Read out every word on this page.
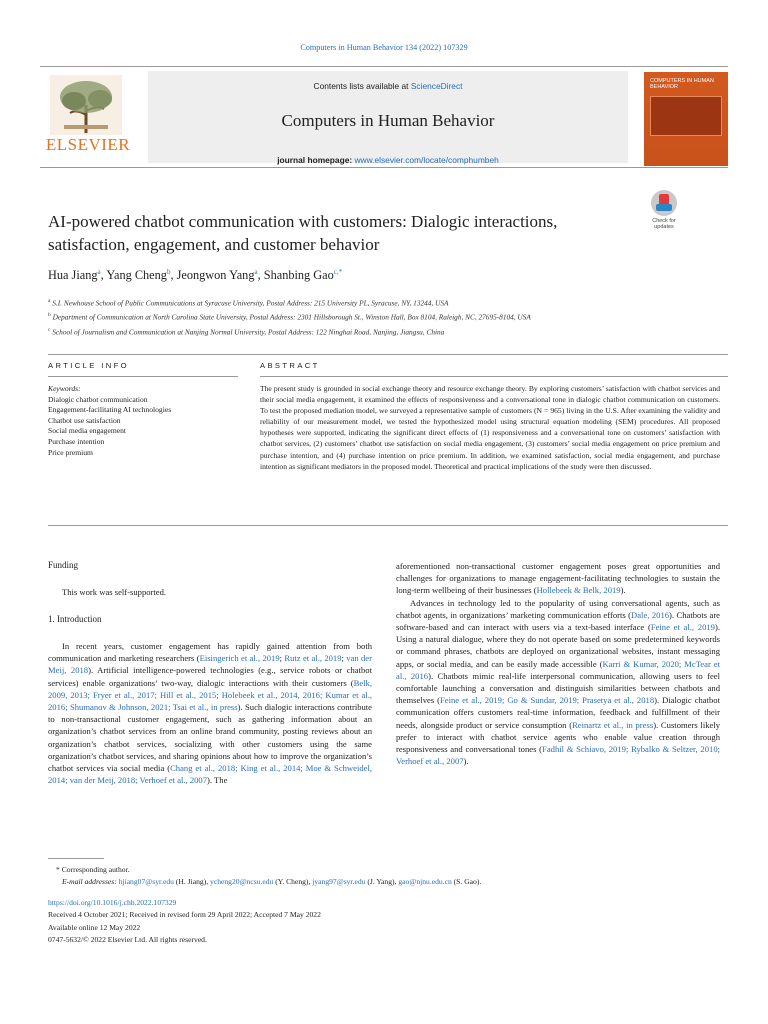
Computers in Human Behavior 134 (2022) 107329
ELSEVIER
Contents lists available at ScienceDirect
Computers in Human Behavior
journal homepage: www.elsevier.com/locate/comphumbeh
COMPUTERS IN HUMAN BEHAVIOR
AI-powered chatbot communication with customers: Dialogic interactions, satisfaction, engagement, and customer behavior
Check for
updates
Hua Jiang$^a$, Yang Cheng$^b$, Jeongwon Yang$^a$, Shanbing Gao$^{c,*}$
$^a$ S.I. Newhouse School of Public Communications at Syracuse University, Postal Address: 215 University PL, Syracuse, NY, 13244, USA
$^b$ Department of Communication at North Carolina State University, Postal Address: 2301 Hillsborough St., Winston Hall, Box 8104, Raleigh, NC, 27695-8104, USA
$^c$ School of Journalism and Communication at Nanjing Normal University, Postal Address: 122 Ninghai Road, Nanjing, Jiangsu, China
ARTICLE INFO	ABSTRACT
Keywords:
Dialogic chatbot communication
Engagement-facilitating AI technologies
Chatbot use satisfaction
Social media engagement
Purchase intention
Price premium
The present study is grounded in social exchange theory and resource exchange theory. By exploring customers’ satisfaction with chatbot services and their social media engagement, it examined the effects of responsiveness and a conversational tone in dialogic chatbot communication on customers. To test the proposed mediation model, we surveyed a representative sample of customers (N = 965) living in the U.S. After examining the validity and reliability of our measurement model, we tested the hypothesized model using structural equation modeling (SEM) procedures. All proposed hypotheses were supported, indicating the significant direct effects of (1) responsiveness and a conversational tone on customers’ satisfaction with chatbot services, (2) customers’ chatbot use satisfaction on social media engagement, (3) customers’ social media engagement on price premium and purchase intention, and (4) purchase intention on price premium. In addition, we examined satisfaction, social media engagement, and purchase intention as significant mediators in the proposed model. Theoretical and practical implications of the study were then discussed.
Funding
This work was self-supported.
1. Introduction

In recent years, customer engagement has rapidly gained attention from both communication and marketing researchers (Eisingerich et al., 2019; Rutz et al., 2019; van der Meij, 2018). Artificial intelligence-powered technologies (e.g., service robots or chatbot services) enable organizations’ two-way, dialogic interactions with their customers (Belk, 2009, 2013; Fryer et al., 2017; Hill et al., 2015; Holebeek et al., 2014, 2016; Kumar et al., 2016; Shumanov & Johnson, 2021; Tsai et al., in press). Such dialogic interactions contribute to non-transactional customer engagement, such as gathering information about an organization’s chatbot services from an online brand community, posting reviews about an organization’s chatbot services, socializing with other customers using the same organization’s chatbot services, and sharing opinions about how to improve the organization’s chatbot services via social media (Chang et al., 2018; King et al., 2014; Moe & Schweidel, 2014; van der Meij, 2018; Verhoef et al., 2007). The

aforementioned non-transactional customer engagement poses great opportunities and challenges for organizations to manage engagement-facilitating technologies to sustain the long-term wellbeing of their businesses (Hollebeek & Belk, 2019).

Advances in technology led to the popularity of using conversational agents, such as chatbot agents, in organizations’ marketing communication efforts (Dale, 2016). Chatbots are software-based and can interact with users via a text-based interface (Feine et al., 2019). Using a natural dialogue, where they do not operate based on some predetermined keywords or command phrases, chatbots are deployed on organizational websites, instant messaging apps, or social media, and can be easily made accessible (Karri & Kumar, 2020; McTear et al., 2016). Chatbots mimic real-life interpersonal communication, allowing users to feel comfortable launching a conversation and distinguish similarities between chatbots and themselves (Feine et al., 2019; Go & Sundar, 2019; Prasetya et al., 2018). Dialogic chatbot communication offers customers real-time information, feedback and fulfillment of their needs, alongside product or service consumption (Reinartz et al., in press). Customers likely prefer to interact with chatbot service agents who enable value creation through responsiveness and conversational tones (Fadhil & Schiavo, 2019; Rybalko & Seltzer, 2010; Verhoef et al., 2007).

* Corresponding author.
E-mail addresses: hjiang07@syr.edu (H. Jiang), ycheng20@ncsu.edu (Y. Cheng), jyang97@syr.edu (J. Yang), gao@njnu.edu.cn (S. Gao).
https://doi.org/10.1016/j.chb.2022.107329
Received 4 October 2021; Received in revised form 29 April 2022; Accepted 7 May 2022
Available online 12 May 2022
0747-5632/© 2022 Elsevier Ltd. All rights reserved.
